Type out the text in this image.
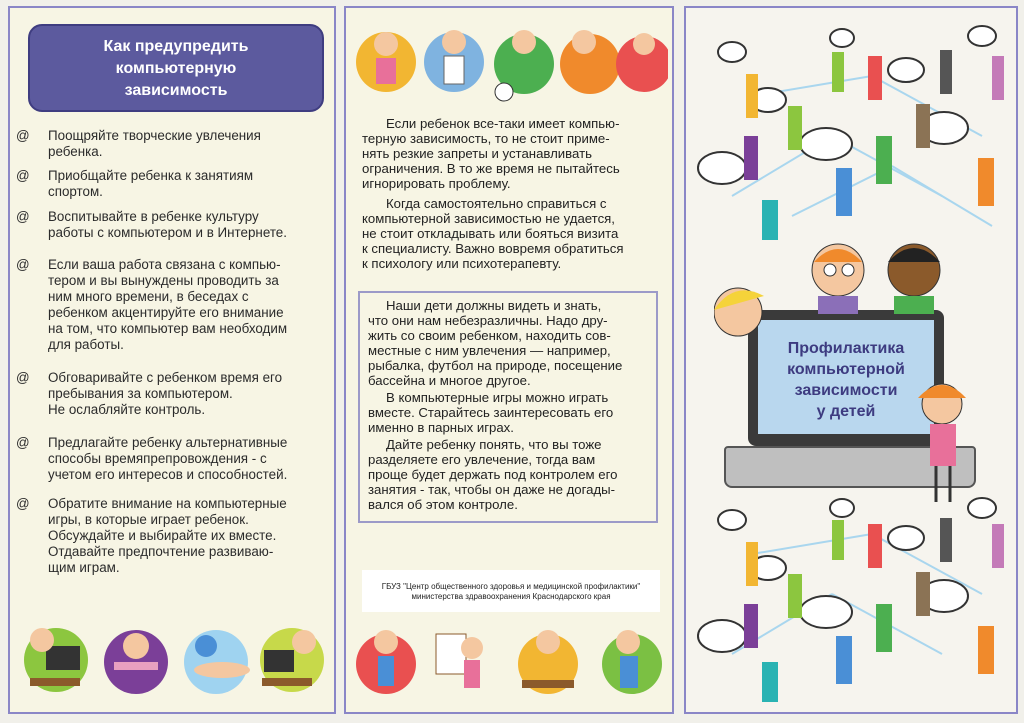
Как предупредить
компьютерную
зависимость
@ Поощряйте творческие увлечения
ребенка.
@ Приобщайте ребенка к занятиям
спортом.
@ Воспитывайте в ребенке культуру
работы с компьютером и в Интернете.
@ Если ваша работа связана с компью-
тером и вы вынуждены проводить за
ним много времени, в беседах с
ребенком акцентируйте его внимание
на том, что компьютер вам необходим
для работы.
@ Обговаривайте с ребенком время его
пребывания за компьютером.
Не ослабляйте контроль.
@ Предлагайте ребенку альтернативные
способы времяпрепровождения - с
учетом его интересов и способностей.
@ Обратите внимание на компьютерные
игры, в которые играет ребенок.
Обсуждайте и выбирайте их вместе.
Отдавайте предпочтение развиваю-
щим играм.
Если ребенок все-таки имеет компью-
терную зависимость, то не стоит приме-
нять резкие запреты и устанавливать
ограничения. В то же время не пытайтесь
игнорировать проблему.
Когда самостоятельно справиться с
компьютерной зависимостью не удается,
не стоит откладывать или бояться визита
к специалисту. Важно вовремя обратиться
к психологу или психотерапевту.
Наши дети должны видеть и знать,
что они нам небезразличны. Надо дру-
жить со своим ребенком, находить сов-
местные с ним увлечения — например,
рыбалка, футбол на природе, посещение
бассейна и многое другое.
В компьютерные игры можно играть
вместе. Старайтесь заинтересовать его
именно в парных играх.
Дайте ребенку понять, что вы тоже
разделяете его увлечение, тогда вам
проще будет держать под контролем его
занятия - так, чтобы он даже не догады-
вался об этом контроле.
ГБУЗ "Центр общественного здоровья и медицинской профилактики"
министерства здравоохранения Краснодарского края
Профилактика
компьютерной
зависимости
у детей
